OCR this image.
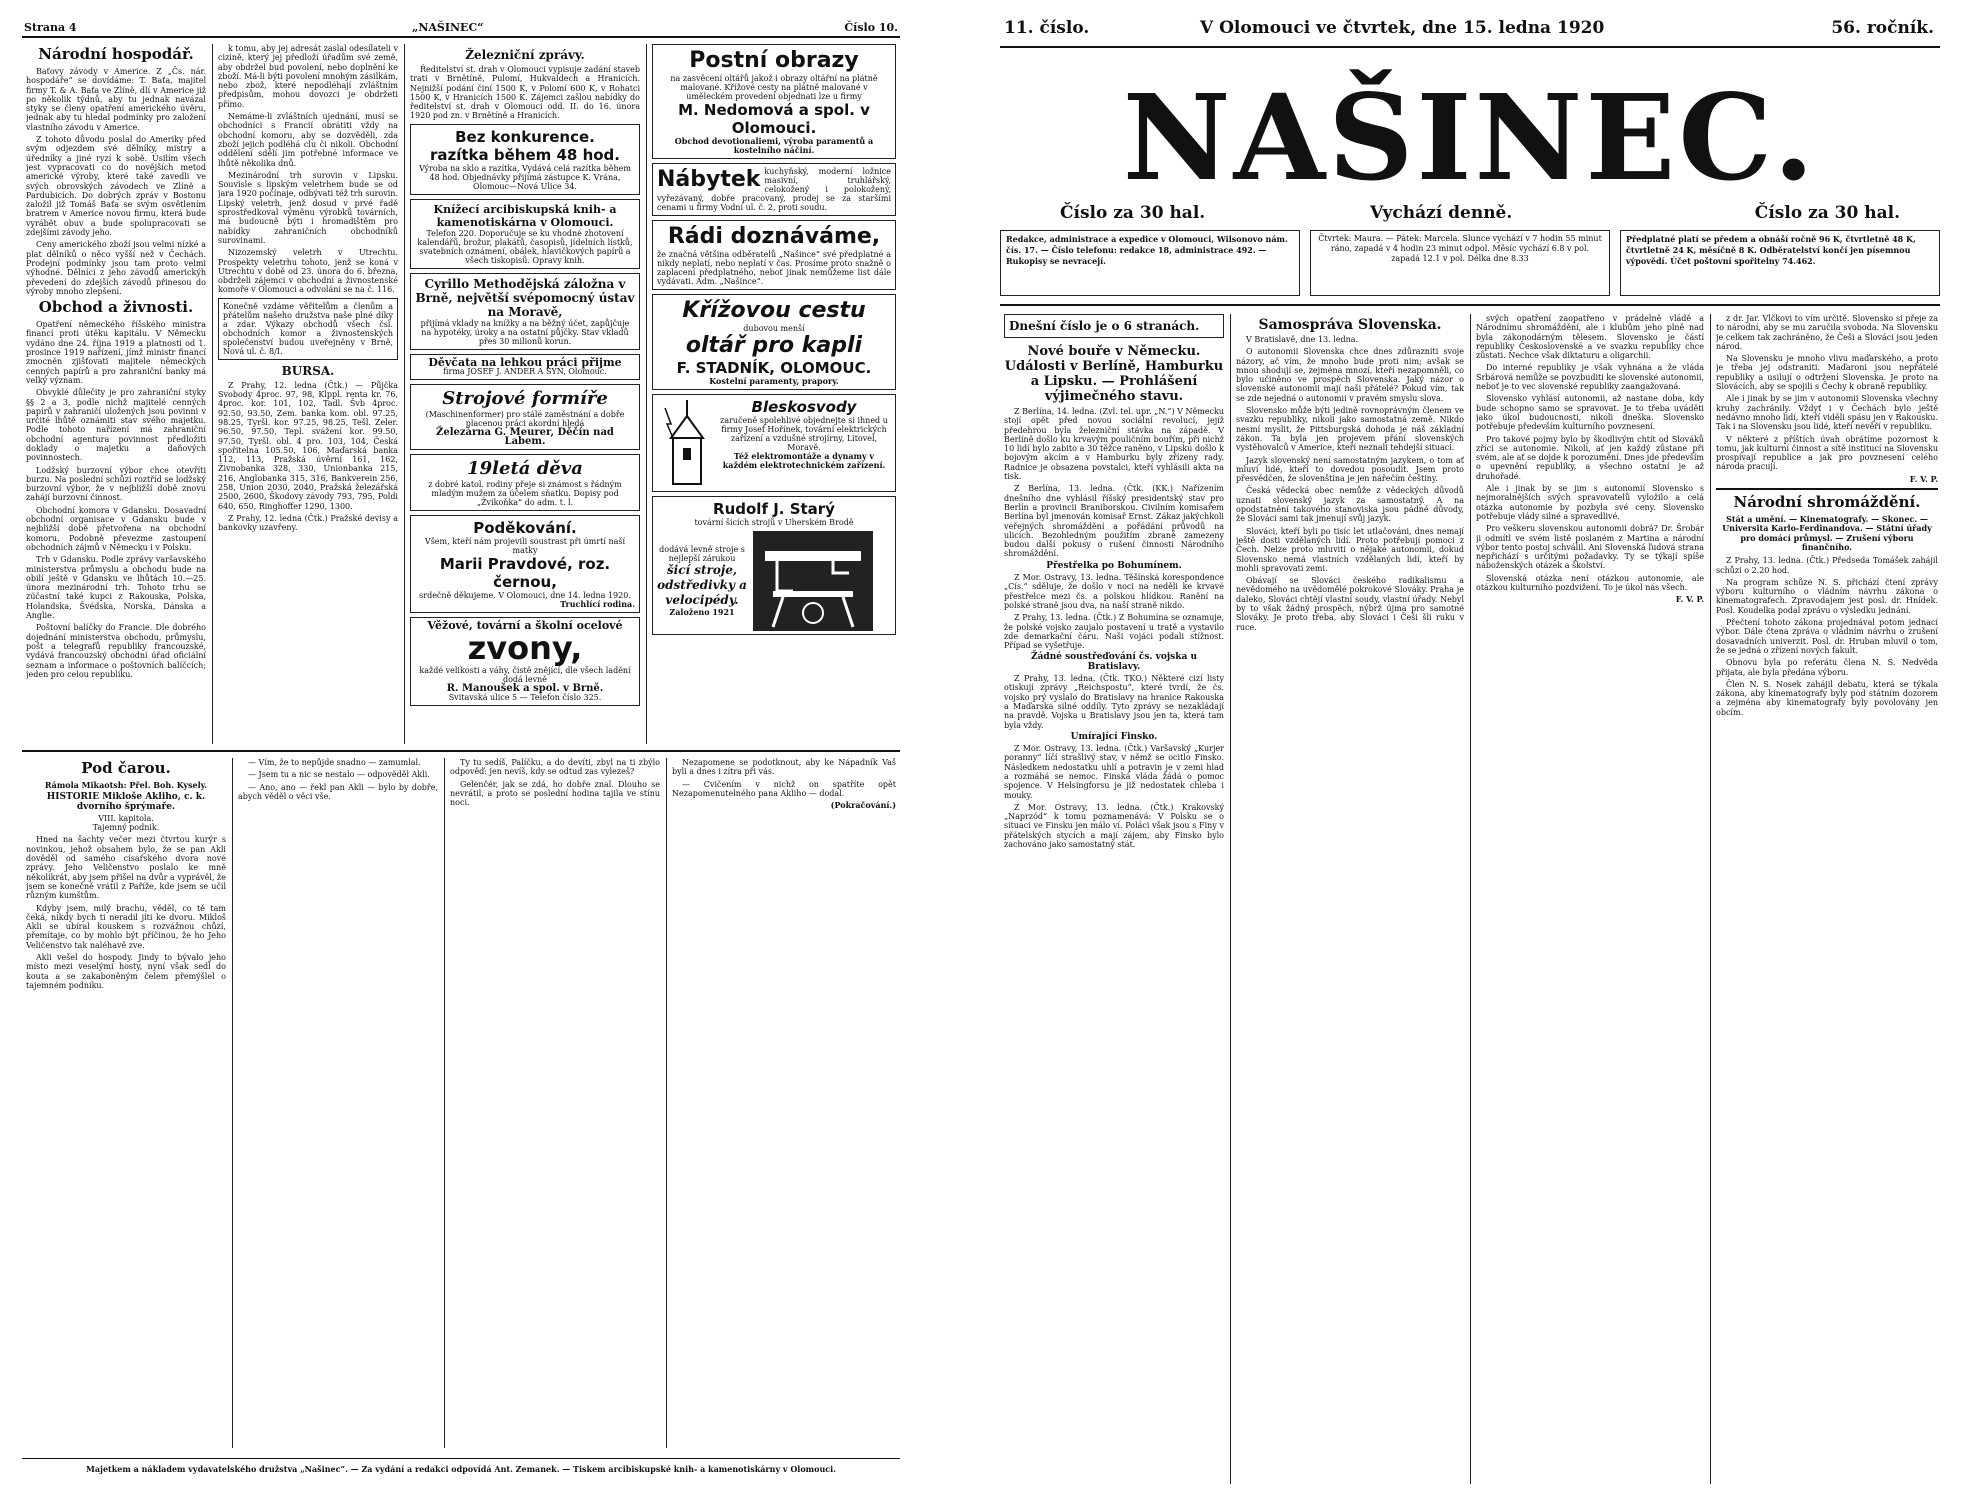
Strana 4	„NAŠINEC“	Číslo 10.
Národní hospodář.

Baťovy závody v Americe. Z „Čs. nár. hospodáře“ se dovídáme: T. Baťa, majitel firmy T. & A. Baťa ve Zlíně, dlí v Americe již po několik týdnů, aby tu jednak navázal styky se členy opatření amerického úvěru, jednak aby tu hledal podmínky pro založení vlastního závodu v Americe.

Z tohoto důvodu poslal do Ameriky před svým odjezdem své dělníky, mistry a úředníky a jiné ryzí k sobě. Úsilím všech jest vypracovati co do novějších metod americké výroby, které také zavedli ve svých obrovských závodech ve Zlíně a Pardubicích. Do dobrých zpráv v Bostonu založil již Tomáš Baťa se svým osvětlením bratrem v Americe novou firmu, která bude vyrábět obuv a bude spolupracovati se zdejšími závody jeho.

Ceny amerického zboží jsou velmi nízké a plat dělníků o něco vyšší než v Čechách. Prodejní podmínky jsou tam proto velmi výhodné. Dělníci z jeho závodů americkýh převedení do zdejších závodů přinesou do výroby mnoho zlepšení.

Obchod a živnosti.

Opatření německého říšského ministra financí proti útěku kapitálu. V Německu vydáno dne 24. října 1919 a platnosti od 1. prosince 1919 nařízení, jímž ministr financí zmocněn zjišťovati majitele německých cenných papírů a pro zahraniční banky má velký význam.

Obvyklé důlečity je pro zahraniční styky §§ 2 a 3, podle nichž majitelé cenných papírů v zahraničí uložených jsou povinni v určité lhůtě oznámiti stav svého majetku. Podle tohoto nařízení má zahraniční obchodní agentura povinnost předložiti doklady o majetku a daňových povinnostech.

Lodžský burzovní výbor chce otevříti burzu. Na poslední schůzi roztříd se lodžský burzovní výbor, že v nejbližší době znovu zahájí burzovní činnost.

Obchodní komora v Gdansku. Dosavadní obchodní organisace v Gdansku bude v nejbližší době přetvořena na obchodní komoru. Podobně převezme zastoupení obchodních zájmů v Německu i v Polsku.

Trh v Gdansku. Podle zprávy varšavského ministerstva průmyslu a obchodu bude na obilí ještě v Gdansku ve lhůtách 10.—25. února mezinárodní trh. Tohoto trhu se zúčastní také kupci z Rakouska, Polska, Holandska, Švédska, Norska, Dánska a Anglie.

Poštovní balíčky do Francie. Dle dobrého dojednání ministerstva obchodu, průmyslu, pošt a telegrafů republiky francouzské, vydává francouzský obchodní úřad oficiální seznam a informace o poštovních balíčcích; jeden pro celou republiku.

k tomu, aby jej adresát zaslal odesílateli v cizině, který jej předloží úřadům své země, aby obdržel bud povolení, nebo doplnění ke zboží. Má-li býti povolení mnohým zásilkám, nebo zbož, které nepodléhají zvláštním předpisům, mohou dovozci je obdržeti přímo.

Nemáme-li zvláštních ujednání, musí se obchodníci s Francií obrátiti vždy na obchodní komoru, aby se dozvěděli, zda zboží jejich podléhá clu či nikoli. Obchodní oddělení sdělí jim potřebné informace ve lhůtě několika dnů.

Mezinárodní trh surovin v Lipsku. Souvisle s lipským veletrhem bude se od jara 1920 počínaje, odbývati též trh surovin. Lipský veletrh, jenž dosud v prvé řadě sprostředkoval výměnu výrobků továrních, má budoucně býti i hromadištěm pro nabídky zahraničních obchodníků surovinami.

Nizozemský veletrh v Utrechtu. Prospekty veletrhu tohoto, jenž se koná v Utrechtu v době od 23. února do 6. března, obdrželi zájemci v obchodní a živnostenské komoře v Olomouci a odvolání se na č. 116.

Konečně vzdáme věřitelům a členům a přátelům našeho družstva naše plné díky a zdar. Výkazy obchodů všech čsl. obchodních komor a živnostenských společenství budou uveřejněny v Brně, Nová ul. č. 8/I.
BURSA.

Z Prahy, 12. ledna (Čtk.) — Půjčka Svobody 4proc. 97, 98, Klppl. renta kr. 76, 4proc. kor. 101, 102, Tadl. Švb 4proc. 92.50, 93.50, Zem. banka kom. obl. 97.25, 98.25, Tyršl. kor. 97.25, 98.25, Tešl. Zeler. 96.50, 97.50, Tepl. svážení kor. 99.50, 97.50, Tyršl. obl. 4 pro. 103, 104, Česká spořitelna 105.50, 106, Maďarská banka 112, 113, Pražská úvěrní 161, 162, Živnobanka 328, 330, Unionbanka 215, 216, Anglobanka 315, 316, Bankverein 256, 258, Union 2030, 2040, Pražská železářská 2500, 2600, Škodovy závody 793, 795, Poldi 640, 650, Ringhoffer 1290, 1300.

Z Prahy, 12. ledna (Čtk.) Pražské devisy a bankovky uzavřeny.

Železniční zprávy.

Ředitelství st. drah v Olomouci vypisuje zadání staveb trati v Brnětíně, Pulomí, Hukvaldech a Hranicích. Nejnižší podání činí 1500 K, v Polomí 600 K, v Rohatci 1500 K, v Hranicích 1500 K. Zájemci zašlou nabídky do ředitelství st. drah v Olomouci odd. II. do 16. února 1920 pod zn. v Brnětíně a Hranicích.

Bez konkurence.
razítka během 48 hod.
Výroba na sklo a razítka, Vydává celá razítka během 48 hod. Objednávky přijímá zástupce K. Vrána, Olomouc—Nová Ulice 34.
Knížecí arcibiskupská knih- a kamenotiskárna v Olomouci.
Telefon 220. Doporučuje se ku vhodné zhotovení kalendářů, brožur, plakátů, časopisů, jídelních lístků, svatebních oznámení, obálek, hlavičkových papírů a všech tiskopisů. Opravy knih.
Cyrillo Methodějská záložna v Brně, největší svépomocný ústav na Moravě,
přijímá vklady na knížky a na běžný účet, zapůjčuje na hypotéky, úroky a na ostatní půjčky. Stav vkladů přes 30 milionů korun.
Děvčata na lehkou práci přijme
firma JOSEF J. ANDER A SYN, Olomouc.
Strojové formíře
(Maschinenformer) pro stálé zaměstnání a dobře placenou práci akordní hledá
Železárna G. Meurer, Děčín nad Labem.
19letá děva
z dobré katol. rodiny přeje si známost s řádným mladým mužem za účelem sňatku. Dopisy pod „Žvikoňka“ do adm. t. l.
Poděkování.
Všem, kteří nám projevili soustrast při úmrtí naší matky
Marii Pravdové, roz. černou,
srdečně děkujeme. V Olomouci, dne 14. ledna 1920.
Truchlící rodina.
Věžové, tovární a školní ocelové
zvony,
každé velikosti a váhy, čistě znějící, dle všech ladění dodá levně
R. Manoušek a spol. v Brně.
Svitavská ulice 5 — Telefon číslo 325.
Postní obrazy
na zasvěcení oltářů jakož i obrazy oltářní na plátně malované. Křížové cesty na plátně malované v uměleckém provedení objednati lze u firmy
M. Nedomová a spol. v Olomouci.
Obchod devotionaliemi, výroba paramentů a kostelního náčiní.
Nábytek kuchyňský, moderní ložnice masivní, truhlářský, celokožený i polokožený, vyřezávaný, dobře pracovaný, prodej se za staršími cenami u firmy Vodní ul. č. 2, proti soudu.
Rádi doznáváme,
že značná většina odběratelů „Našince“ své předplatné a nikdy neplatí, nebo neplatí v čas. Prosíme proto snažně o zaplacení předplatného, neboť jinak nemůžeme list dále vydávati. Adm. „Našince“.
Křížovou cestu
dubovou menší
oltář pro kapli
F. STADNÍK, OLOMOUC.
Kostelní paramenty, prapory.
Bleskosvody
zaručeně spolehlivé objednejte si ihned u firmy Josef Hořínek, tovární elektrických zařízení a vzdušné strojírny, Litovel, Moravě.
Též elektromontáže a dynamy v každém elektrotechnickém zařízení.
Rudolf J. Starý
tovární šicích strojů v Uherském Brodě
dodává levně stroje s nejlepší zárukou
šicí stroje, odstředivky a velocipédy.
Založeno 1921
Pod čarou.
Rámola Mikaotsh: Přel. Boh. Kysely.
HISTORIE Mikloše Akliho, c. k. dvorního šprýmaře.
VIII. kapitola.
Tajemný podnik.

Hned na šachty večer mezi čtvrtou kurýr s novinkou, jehož obsahem bylo, že se pan Akli dověděl od samého císařského dvora nové zprávy. Jeho Veličenstvo poslalo ke mně několikrát, aby jsem přišel na dvůr a vyprávěl, že jsem se konečně vrátil z Paříže, kde jsem se učil různým kumštům.

Kdyby jsem, milý brachu, věděl, co tě tam čeká, nikdy bych ti neradil jíti ke dvoru. Mikloš Akli se ubíral kouskem s rozvážnou chůzí, přemítaje, co by mohlo být příčinou, že ho Jeho Veličenstvo tak naléhavě zve.

Akli vešel do hospody. Jindy to bývalo jeho místo mezi veselými hosty, nyní však sedl do kouta a se zakaboněným čelem přemýšlel o tajemném podniku.

— Vím, že to nepůjde snadno — zamumlal.

— Jsem tu a nic se nestalo — odpověděl Akli.

— Ano, ano — řekl pan Akli — bylo by dobře, abych věděl o věci vše.

Ty tu sedíš, Palíčku, a do devíti, zbyl na ti zbýlo odpověď: jen nevíš, kdy se odtud zas vylezeš?

Gelenčér, jak se zdá, ho dobře znal. Dlouho se nevrátil, a proto se poslední hodina tajila ve stínu noci.

Nezapomene se podotknout, aby ke Nápadník Vaš byli a dnes i zítra při vás.

— Cvičením v nichž on spatříte opět Nezapomenutelného pana Akliho — dodal.

(Pokračování.)
Majetkem a nákladem vydavatelského družstva „Našinec“. — Za vydání a redakci odpovídá Ant. Zemanek. — Tiskem arcibiskupské knih- a kamenotiskárny v Olomouci.
11. číslo.	V Olomouci ve čtvrtek, dne 15. ledna 1920	56. ročník.
NAŠINEC.
Číslo za 30 hal.	Vychází denně.	Číslo za 30 hal.
Redakce, administrace a expedice v Olomouci, Wilsonovo nám. čís. 17. — Číslo telefonu: redakce 18, administrace 492. — Rukopisy se nevracejí.
Čtvrtek: Maura. — Pátek: Marcela. Slunce vychází v 7 hodin 55 minut ráno, zapadá v 4 hodin 23 minut odpol. Měsíc vychází 6.8 v pol. zapadá 12.1 v pol. Délka dne 8.33
Předplatné platí se předem a obnáší ročně 96 K, čtvrtletně 48 K, čtvrtletně 24 K, měsíčně 8 K. Odběratelství končí jen písemnou výpovědí. Účet poštovní spořitelny 74.462.
Dnešní číslo je o 6 stranách.
Nové bouře v Německu. Události v Berlíně, Hamburku a Lipsku. — Prohlášení výjimečného stavu.

Z Berlína, 14. ledna. (Zvl. tel. upr. „N.“) V Německu stojí opět před novou sociální revolucí, jejíž předehrou byla železniční stávka na západě. V Berlíně došlo ku krvavým pouličním bouřím, při nichž 10 lidí bylo zabito a 30 těžce raněno, v Lipsku došlo k bojovým akcím a v Hamburku byly zřízeny rady. Radnice je obsazena povstalci, kteří vyhlásili akta na tisk.

Z Berlína, 13. ledna. (Čtk. (KK.) Nařízením dnešního dne vyhlásil říšský presidentský stav pro Berlín a provincii Braniborskou. Civilním komisařem Berlína byl jmenován komisař Ernst. Zákaz jakýchkoli veřejných shromáždění a pořádání průvodů na ulicích. Bezohledným použitím zbraně zamezeny budou další pokusy o rušení činnosti Národního shromáždění.

Přestřelka po Bohumínem.

Z Mor. Ostravy, 13. ledna. Těšínská korespondence „Cís.“ sděluje, že došlo v noci na neděli ke krvavé přestřelce mezi čs. a polskou hlídkou. Ranění na polské straně jsou dva, na naší straně nikdo.

Z Prahy, 13. ledna. (Čtk.) Z Bohumína se oznamuje, že polské vojsko zaujalo postavení u tratě a vystavilo zde demarkační čáru. Naši vojáci podali stížnost. Případ se vyšetřuje.

Žádné soustřeďování čs. vojska u Bratislavy.

Z Prahy, 13. ledna. (Čtk. TKO.) Některé cizí listy otiskují zprávy „Reichspostu“, které tvrdí, že čs. vojsko prý vyslalo do Bratislavy na hranice Rakouska a Maďarska silné oddíly. Tyto zprávy se nezakládají na pravdě. Vojska u Bratislavy jsou jen ta, která tam byla vždy.

Umírající Finsko.

Z Mor. Ostravy, 13. ledna. (Čtk.) Varšavský „Kurjer poranny“ líčí strašlivý stav, v němž se ocitlo Finsko. Následkem nedostatku uhlí a potravin je v zemi hlad a rozmáhá se nemoc. Finská vláda žádá o pomoc spojence. V Helsingforsu je již nedostatek chleba i mouky.

Z Mor. Ostravy, 13. ledna. (Čtk.) Krakovský „Naprzód“ k tomu poznamenává: V Polsku se o situaci ve Finsku jen málo ví. Poláci však jsou s Finy v přátelských stycích a mají zájem, aby Finsko bylo zachováno jako samostatný stát.

Samospráva Slovenska.

V Bratislavě, dne 13. ledna.

O autonomii Slovenska chce dnes zdůrazniti svoje názory, ač vím, že mnoho bude proti nim; avšak se mnou shodují se, zejména mnozí, kteří nezapomněli, co bylo učiněno ve prospěch Slovenska. Jaký názor o slovenské autonomii mají naši přátelé? Pokud vím, tak se zde nejedná o autonomii v pravém smyslu slova.

Slovensko může býti jedině rovnoprávným členem ve svazku republiky, nikoli jako samostatná země. Nikdo nesmí myslit, že Pittsburgská dohoda je náš základní zákon. Ta byla jen projevem přání slovenských vystěhovalců v Americe, kteří neznali tehdejší situaci.

Jazyk slovenský není samostatným jazykem, o tom ať mluví lidé, kteří to dovedou posoudit. Jsem proto přesvědčen, že slovenština je jen nářečím češtiny.

Česká vědecká obec nemůže z vědeckých důvodů uznati slovenský jazyk za samostatný. A na opodstatnění takového stanoviska jsou pádné důvody, že Slováci sami tak jmenují svůj jazyk.

Slováci, kteří byli po tisíc let utlačováni, dnes nemají ještě dosti vzdělaných lidí. Proto potřebují pomoci z Čech. Nelze proto mluviti o nějaké autonomii, dokud Slovensko nemá vlastních vzdělaných lidí, kteří by mohli spravovati zemi.

Obávají se Slováci českého radikalismu a nevědomého na uvědomělé pokrokové Slováky. Praha je daleko, Slováci chtějí vlastní soudy, vlastní úřady. Nebyl by to však žádný prospěch, nýbrž újma pro samotné Slováky. Je proto třeba, aby Slováci i Češi šli ruku v ruce.

svých opatření zaopatřeno v prádelně vládě a Národnímu shromáždění, ale i klubům jeho plně nad byla zákonodárným tělesem. Slovensko je částí republiky Československé a ve svazku republiky chce zůstati. Nechce však diktaturu a oligarchii.

Do interné republiky je však vyhnána a že vláda Srbárová nemůže se povzbuditi ke slovenské autonomii, neboť je to vec slovenské republiky zaangažovaná.

Slovensko vyhlásí autonomii, až nastane doba, kdy bude schopno samo se spravovat. Je to třeba uváděti jako úkol budoucnosti, nikoli dneška. Slovensko potřebuje především kulturního povznesení.

Pro takové pojmy bylo by škodlivým chtít od Slováků zříci se autonomie. Nikoli, ať jen každý zůstane při svém, ale ať se dojde k porozumění. Dnes jde především o upevnění republiky, a všechno ostatní je až druhořadé.

Ale i jinak by se jim s autonomií Slovensko s nejmoralnějších svých spravovatelů vyložilo a celá otázka autonomie by pozbyla své ceny. Slovensko potřebuje vlády silné a spravedlivé.

Pro veškeru slovenskou autonomii dobrá? Dr. Šrobár ji odmítl ve svém listě poslaném z Martina a národní výbor tento postoj schválil. Ani Slovenská ľudová strana nepřichází s určitými požadavky. Ty se týkají spíše náboženských otázek a školství.

Slovenská otázka není otázkou autonomie, ale otázkou kulturního pozdvižení. To je úkol nás všech.

F. V. P.

z dr. Jar. Vlčkovi to vím určitě. Slovensko si přeje za to národní, aby se mu zaručila svoboda. Na Slovensku je celkem tak zachráněno, že Češi a Slováci jsou jeden národ.

Na Slovensku je mnoho vlivu maďarského, a proto je třeba jej odstraniti. Maďaroni jsou nepřátelé republiky a usilují o odtržení Slovenska. Je proto na Slovácích, aby se spojili s Čechy k obraně republiky.

Ale i jinak by se jim v autonomii Slovenska všechny kruhy zachránily. Vždyť i v Čechách bylo ještě nedávno mnoho lidí, kteří viděli spásu jen v Rakousku. Tak i na Slovensku jsou lidé, kteří nevěří v republiku.

V některé z příštích úvah obrátíme pozornost k tomu, jak kulturní činnost a sítě institucí na Slovensku prospívají republice a jak pro povznesení celého národa pracují.

F. V. P.
Národní shromáždění.
Stát a umění. — Kinematografy. — Skonec. — Universita Karlo-Ferdinandova. — Státní úřady pro domácí průmysl. — Zrušení výboru finančního.

Z Prahy, 13. ledna. (Čtk.) Předseda Tomášek zahájil schůzi o 2.20 hod.

Na program schůze N. S. přichází čtení zprávy výboru kulturního o vládním návrhu zákona o kinematografech. Zpravodajem jest posl. dr. Hnídek. Posl. Koudelka podal zprávu o výsledku jednání.

Přečtení tohoto zákona projednával potom jednací výbor. Dále čtena zpráva o vládním návrhu o zrušení dosavadních univerzit. Posl. dr. Hruban mluvil o tom, že se jedná o zřízení nových fakult.

Obnovu byla po referátu člena N. S. Nedvěda přijata, ale byla předána výboru.

Člen N. S. Nosek zahájil debatu, která se týkala zákona, aby kinematografy byly pod státním dozorem a zejména aby kinematografy byly povolovány jen obcím.
